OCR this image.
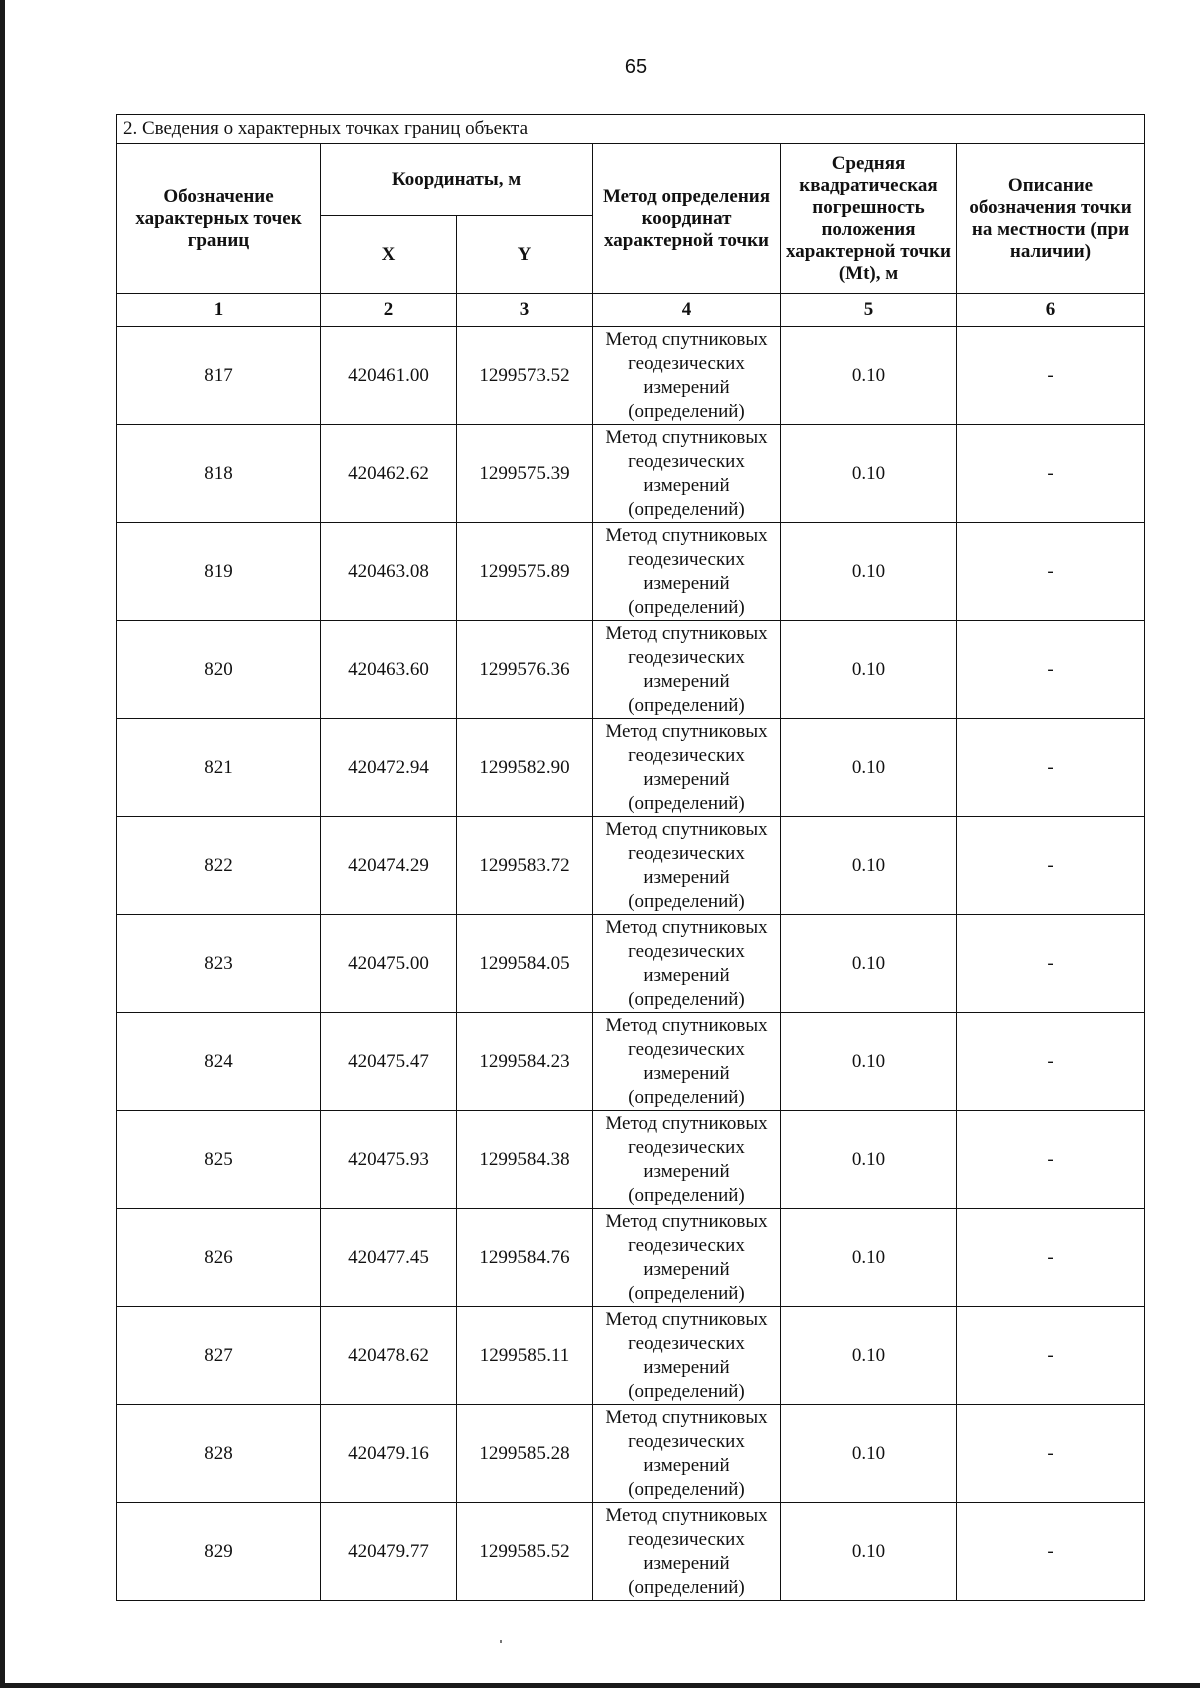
65
2. Сведения о характерных точках границ объекта					
Обозначение характерных точек границ	Координаты, м		Метод определения координат характерной точки	Средняя квадратическая погрешность положения характерной точки (Mt), м	Описание обозначения точки на местности (при наличии)
	X	Y			
1	2	3	4	5	6
817	420461.00	1299573.52	Метод спутниковых геодезических измерений (определений)	0.10	-
818	420462.62	1299575.39	Метод спутниковых геодезических измерений (определений)	0.10	-
819	420463.08	1299575.89	Метод спутниковых геодезических измерений (определений)	0.10	-
820	420463.60	1299576.36	Метод спутниковых геодезических измерений (определений)	0.10	-
821	420472.94	1299582.90	Метод спутниковых геодезических измерений (определений)	0.10	-
822	420474.29	1299583.72	Метод спутниковых геодезических измерений (определений)	0.10	-
823	420475.00	1299584.05	Метод спутниковых геодезических измерений (определений)	0.10	-
824	420475.47	1299584.23	Метод спутниковых геодезических измерений (определений)	0.10	-
825	420475.93	1299584.38	Метод спутниковых геодезических измерений (определений)	0.10	-
826	420477.45	1299584.76	Метод спутниковых геодезических измерений (определений)	0.10	-
827	420478.62	1299585.11	Метод спутниковых геодезических измерений (определений)	0.10	-
828	420479.16	1299585.28	Метод спутниковых геодезических измерений (определений)	0.10	-
829	420479.77	1299585.52	Метод спутниковых геодезических измерений (определений)	0.10	-
